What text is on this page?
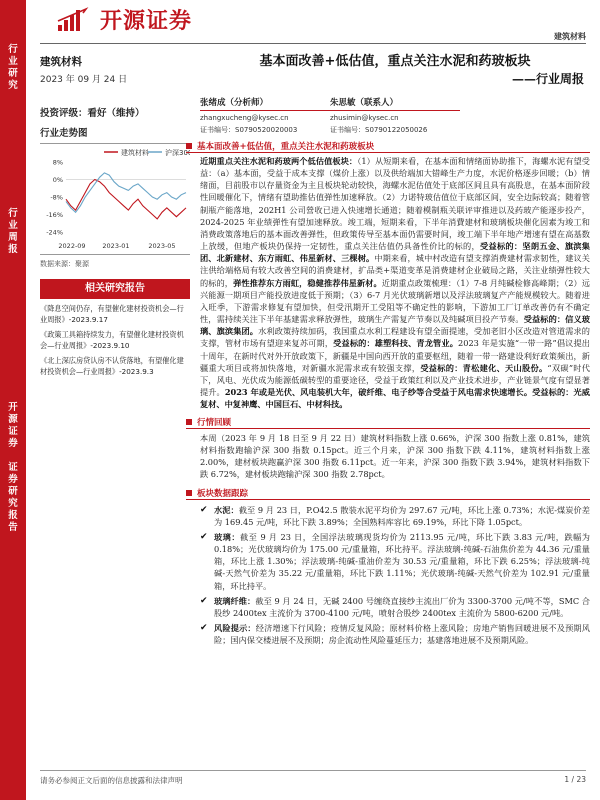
行
业
研
究
行
业
周
报
开
源
证
券
证
券
研
究
报
告
开源证券
建筑材料
建筑材料
2023 年 09 月 24 日
投资评级：看好（维持）
行业走势图
建筑材料 沪深300
8%
0%
-8%
-16%
-24%
2022-09	2023-01	2023-05
数据来源：聚源
相关研究报告
《降息空间仍存，有望催化建材投资机会—行业周报》-2023.9.17
《政策工具箱持续发力，有望催化建材投资机会—行业周报》-2023.9.10
《北上深広房贷认房不认贷落地，有望催化建材投资机会—行业周报》-2023.9.3
基本面改善+低估值，重点关注水泥和药玻板块
——行业周报
张绪成（分析师）
zhangxucheng@kysec.cn
证书编号：S0790520020003
朱思敏（联系人）
zhusimin@kysec.cn
证书编号：S0790122050026
基本面改善+低估值，重点关注水泥和药玻板块
近期重点关注水泥和药玻两个低估值板块：（1）从短期来看，在基本面和情绪面协助推下，海螺水泥有望受益：（a）基本面，受益于成本支撑（煤价上涨）以及供给端加大错峰生产力度，水泥价格逐步回暖；（b）情绪面，目前股市以存量资金为主且板块轮动较快，海螺水泥估值处于底部区间且具有高股息，在基本面阶段性回暖催化下，情绪有望助推估值弹性加速释放。（2）力诺特玻估值位于底部区间，安全边际较高；随着管制瓶产能落地，202H1 公司營收已进入快速增长通道；随着模制瓶关联评审推进以及药玻产能逐步投产，2024-2025 年业绩弹性有望加速释放。竣工端，短期来看，下半年消費建材和玻璃板块催化因素为竣工和消费政策落地后的基本面改善弹性，但政策传导至基本面仍需要时间，竣工端下半年地产增速有望在高基数上放缓，但地产板块仍保持一定韧性，重点关注估值仍具备性价比的标的，受益标的：坚朗五金、旗滨集团、北新建材、东方雨虹、伟星新材、三棵树。中期来看，城中村改造有望支撑消费建材需求韧性，建议关注供给端格局有较大改善空间的消费建材，扩品类+渠道变革是消费建材企业破局之路，关注业绩弹性较大的标的，弹性推荐东方雨虹，稳健推荐伟星新材。近期重点政策梳理：（1）7-8 月纯碱检修高峰期；（2）远兴能源一期项目产能投放进度低于预期；（3）6-7 月光伏玻璃新增以及浮法玻璃复产产能规模较大。随着进入旺季，下游需求修复有望加快，但受汛期开工受阻等不确定性的影响，下游加工厂订单改善仍有不确定性，需持续关注下半年基建需求释放弹性，玻璃生产需复产节奏以及纯碱项目投产节奏。受益标的：信义玻璃、旗滨集团。水利政策持续加码，我国重点水利工程建设有望全面提速，受加老旧小区改造对管道需求的支撑，管材市场有望迎来复苏可期，受益标的：雄塑科技、青龙管业。2023 年是实施“一带一路”倡议提出十周年，在新时代对外开放政策下，新疆是中国向西开放的重要枢纽，随着一带一路建设利好政策频出，新疆重大项目或将加快落地，对新疆水泥需求或有较强支撑，受益标的：青松建化、天山股份。“双碳”时代下，风电、光伏成为能源低碳转型的重要途径，受益于政策红利以及产业技术进步，产业链景气度有望显著提升。2023 年或是光伏、风电装机大年，破纤维、电子纱等合受益于风电需求快速增长。受益标的：光威复材、中复神鹰、中国巨石、中材科技。
行情回顾
本周（2023 年 9 月 18 日至 9 月 22 日）建筑材料指数上涨 0.66%，沪深 300 指数上涨 0.81%，建筑材料指数跑输沪深 300 指数 0.15pct。近三个月来，沪深 300 指数下跌 4.11%，建筑材料指数上涨 2.00%，建材板块跑赢沪深 300 指数 6.11pct。近一年来，沪深 300 指数下跌 3.94%，建筑材料指数下跌 6.72%，建材板块跑输沪深 300 指数 2.78pct。
板块数据跟踪
✔ 水泥：截至 9 月 23 日，P.O42.5 散装水泥平均价为 297.67 元/吨，环比上涨 0.73%；水泥-煤炭价差为 169.45 元/吨，环比下跌 3.89%；全国熟料库容比 69.19%，环比下降 1.05pct。
✔ 玻璃：截至 9 月 23 日，全国浮法玻璃现货均价为 2113.95 元/吨，环比下跌 3.83 元/吨，跌幅为 0.18%；光伏玻璃均价为 175.00 元/重量箱，环比持平。浮法玻璃-纯碱-石油焦价差为 44.36 元/重量箱，环比上涨 1.30%；浮法玻璃-纯碱-重油价差为 30.53 元/重量箱，环比下跌 6.25%；浮法玻璃-纯碱-天然气价差为 35.22 元/重量箱，环比下跌 1.11%；光伏玻璃-纯碱-天然气价差为 102.91 元/重量箱，环比持平。
✔ 玻璃纤维：截至 9 月 24 日，无碱 2400 号缠绕直接纱主流出厂价为 3300-3700 元/吨不等，SMC 合股纱 2400tex 主流价为 3700-4100 元/吨，喷射合股纱 2400tex 主流价为 5800-6200 元/吨。
✔ 风险提示：经济增速下行风险；疫情反复风险；原材料价格上涨风险；房地产销售回暖进展不及预期风险；国内保交楼进展不及预期；房企流动性风险蔓延压力；基建落地进展不及预期风险。
请务必参阅正文后面的信息披露和法律声明	1 / 23
